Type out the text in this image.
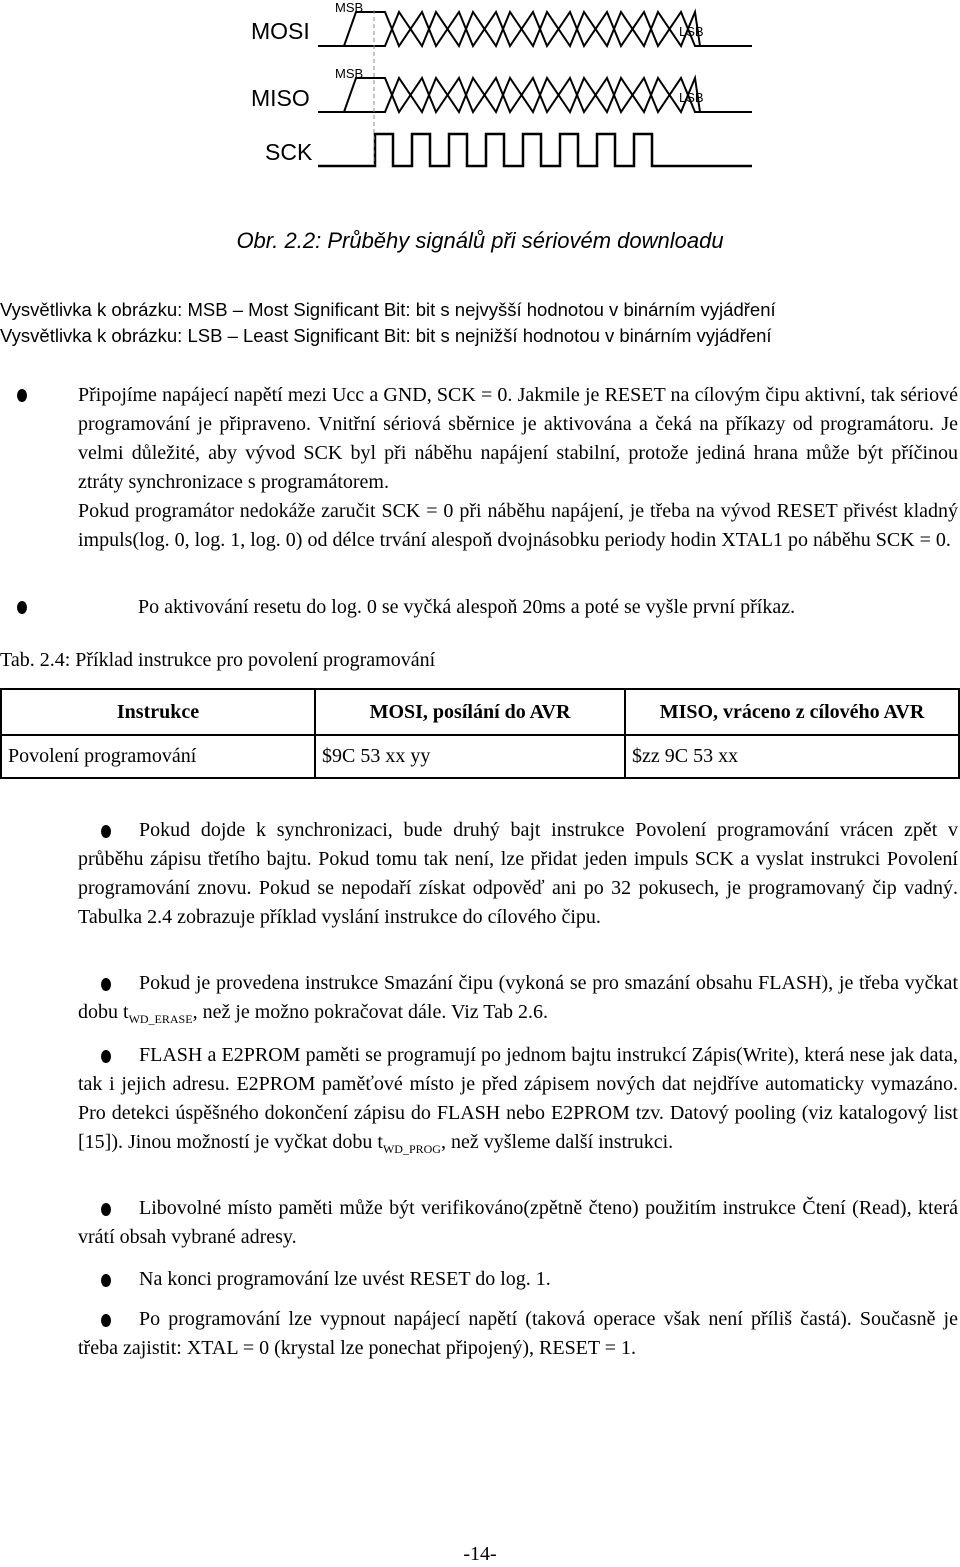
MOSI
MISO
SCK
MSB
LSB
MSB
LSB
Obr. 2.2: Průběhy signálů při sériovém downloadu
Vysvětlivka k obrázku: MSB – Most Significant Bit: bit s nejvyšší hodnotou v binárním vyjádření
Vysvětlivka k obrázku: LSB – Least Significant Bit: bit s nejnižší hodnotou v binárním vyjádření
Připojíme napájecí napětí mezi Ucc a GND, SCK = 0. Jakmile je RESET na cílovým čipu aktivní, tak sériové programování je připraveno. Vnitřní sériová sběrnice je aktivována a čeká na příkazy od programátoru. Je velmi důležité, aby vývod SCK byl při náběhu napájení stabilní, protože jediná hrana může být příčinou ztráty synchronizace s programátorem.
Pokud programátor nedokáže zaručit SCK = 0 při náběhu napájení, je třeba na vývod RESET přivést kladný impuls(log. 0, log. 1, log. 0) od délce trvání alespoň dvojnásobku periody hodin XTAL1 po náběhu SCK = 0.
Po aktivování resetu do log. 0 se vyčká alespoň 20ms a poté se vyšle první příkaz.
Tab. 2.4: Příklad instrukce pro povolení programování
Instrukce	MOSI, posílání do AVR	MISO, vráceno z cílového AVR
Povolení programování	$9C 53 xx yy	$zz 9C 53 xx
Pokud dojde k synchronizaci, bude druhý bajt instrukce Povolení programování vrácen zpět v průběhu zápisu třetího bajtu. Pokud tomu tak není, lze přidat jeden impuls SCK a vyslat instrukci Povolení programování znovu. Pokud se nepodaří získat odpověď ani po 32 pokusech, je programovaný čip vadný. Tabulka 2.4 zobrazuje příklad vyslání instrukce do cílového čipu.
Pokud je provedena instrukce Smazání čipu (vykoná se pro smazání obsahu FLASH), je třeba vyčkat dobu $t_{WD\_ERASE}$, než je možno pokračovat dále. Viz Tab 2.6.
FLASH a E2PROM paměti se programují po jednom bajtu instrukcí Zápis(Write), která nese jak data, tak i jejich adresu. E2PROM paměťové místo je před zápisem nových dat nejdříve automaticky vymazáno. Pro detekci úspěšného dokončení zápisu do FLASH nebo E2PROM tzv. Datový pooling (viz katalogový list [15]). Jinou možností je vyčkat dobu $t_{WD\_PROG}$, než vyšleme další instrukci.
Libovolné místo paměti může být verifikováno(zpětně čteno) použitím instrukce Čtení (Read), která vrátí obsah vybrané adresy.
Na konci programování lze uvést RESET do log. 1.
Po programování lze vypnout napájecí napětí (taková operace však není příliš častá). Současně je třeba zajistit: XTAL = 0 (krystal lze ponechat připojený), RESET = 1.
-14-
